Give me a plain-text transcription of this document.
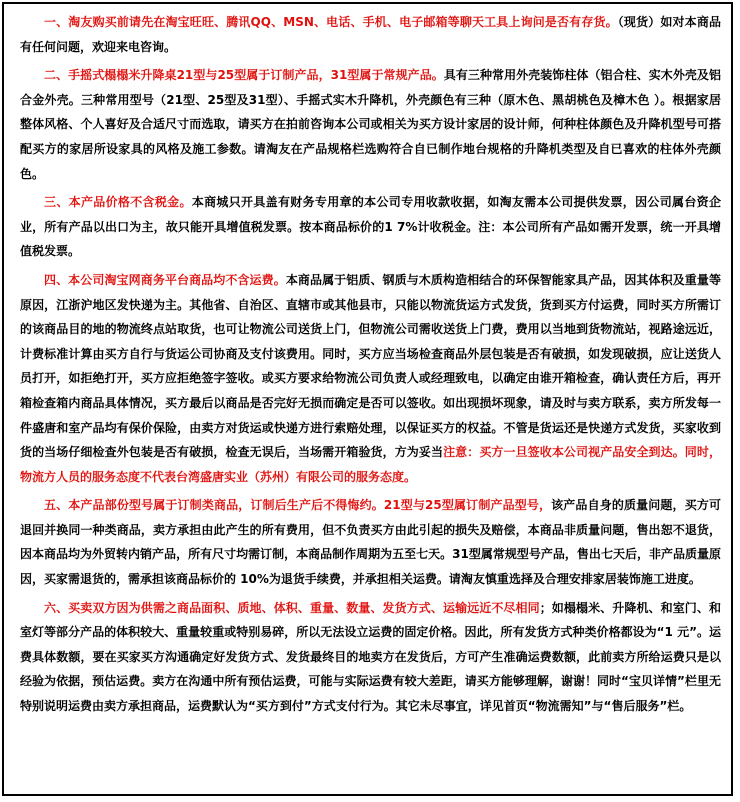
一、淘友购买前请先在淘宝旺旺、腾讯QQ、MSN、电话、手机、电子邮箱等聊天工具上询问是否有存货。（现货）如对本商品有任何问题，欢迎来电咨询。

二、手摇式榻榻米升降桌21型与25型属于订制产品，31型属于常规产品。具有三种常用外壳装饰柱体（铝合柱、实木外壳及铝合金外壳。三种常用型号（21型、25型及31型）、手摇式实木升降机，外壳颜色有三种（原木色、黑胡桃色及樟木色 ）。根据家居整体风格、个人喜好及合适尺寸而选取，请买方在拍前咨询本公司或相关为买方设计家居的设计师，何种柱体颜色及升降机型号可搭配买方的家居所设家具的风格及施工参数。请淘友在产品规格栏选购符合自已制作地台规格的升降机类型及自已喜欢的柱体外壳颜色。

三、本产品价格不含税金。本商城只开具盖有财务专用章的本公司专用收款收据，如淘友需本公司提供发票，因公司属台资企业，所有产品以出口为主，故只能开具增值税发票。按本商品标价的1 7%计收税金。注：本公司所有产品如需开发票，统一开具增值税发票。

四、本公司淘宝网商务平台商品均不含运费。本商品属于铝质、钢质与木质构造相结合的环保智能家具产品，因其体积及重量等原因，江浙沪地区发快递为主。其他省、自治区、直辖市或其他县市，只能以物流货运方式发货，货到买方付运费，同时买方所需订的该商品目的地的物流终点站取货，也可让物流公司送货上门，但物流公司需收送货上门费，费用以当地到货物流站，视路途远近，计费标准计算由买方自行与货运公司协商及支付该费用。同时，买方应当场检查商品外层包装是否有破损，如发现破损，应让送货人员打开，如拒绝打开，买方应拒绝签字签收。或买方要求给物流公司负责人或经理致电，以确定由谁开箱检查，确认责任方后，再开箱检查箱内商品具体情况，买方最后以商品是否完好无损而确定是否可以签收。如出现损坏现象，请及时与卖方联系，卖方所发每一件盛唐和室产品均有保价保险，由卖方对货运或快递方进行索赔处理，以保证买方的权益。不管是货运还是快递方式发货，买家收到货的当场仔细检查外包装是否有破损，检查无误后，当场需开箱验货，方为妥当注意：买方一旦签收本公司视产品安全到达。同时，物流方人员的服务态度不代表台湾盛唐实业（苏州）有限公司的服务态度。

五、本产品部份型号属于订制类商品，订制后生产后不得悔约。21型与25型属订制产品型号，该产品自身的质量问题，买方可退回并换同一种类商品，卖方承担由此产生的所有费用，但不负责买方由此引起的损失及赔偿，本商品非质量问题，售出恕不退货，因本商品均为外贸转内销产品，所有尺寸均需订制，本商品制作周期为五至七天。31型属常规型号产品，售出七天后，非产品质量原因，买家需退货的，需承担该商品标价的 10%为退货手续费，并承担相关运费。请淘友慎重选择及合理安排家居装饰施工进度。

六、买卖双方因为供需之商品面积、质地、体积、重量、数量、发货方式、运输远近不尽相同；如榻榻米、升降机、和室门、和室灯等部分产品的体积较大、重量较重或特别易碎，所以无法设立运费的固定价格。因此，所有发货方式种类价格都设为“1 元”。运费具体数额，要在买家买方沟通确定好发货方式、发货最终目的地卖方在发货后，方可产生准确运费数额，此前卖方所给运费只是以经验为依据，预估运费。卖方在沟通中所有预估运费，可能与实际运费有较大差距，请买方能够理解，谢谢！同时“宝贝详情”栏里无特别说明运费由卖方承担商品，运费默认为“买方到付”方式支付行为。其它未尽事宜，详见首页“物流需知”与“售后服务”栏。
